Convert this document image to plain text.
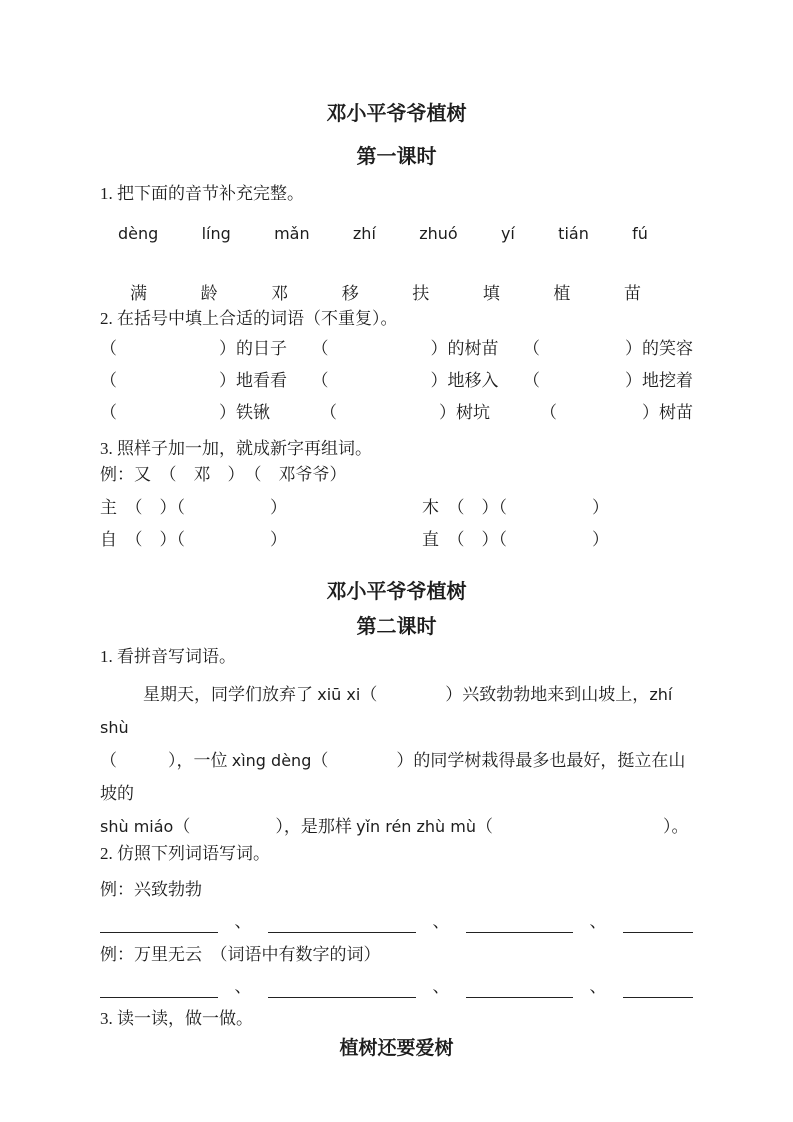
邓小平爷爷植树
第一课时
1. 把下面的音节补充完整。
dèng	líng	mǎn	zhí	zhuó	yí	tián	fú
满	龄	邓	移	扶	填	植	苗
2. 在括号中填上合适的词语（不重复）。
（　　　　　　）的日子 （　　　　　　）的树苗 （　　　　　）的笑容
（　　　　　　）地看看 （　　　　　　）地移入 （　　　　　）地挖着
（　　　　　　）铁锹	（　　　　　　）树坑	（　　　　　）树苗
3. 照样子加一加，就成新字再组词。
例：又　（　邓　）　（　邓爷爷）
主　（　）（　　　　　）	木　（　）（　　　　　）
自　（　）（　　　　　）	直　（　）（　　　　　）
邓小平爷爷植树
第二课时
1. 看拼音写词语。
星期天，同学们放弃了 xiū xi（　　　　）兴致勃勃地来到山坡上，zhí shù
（　　　），一位 xìng dèng（　　　　）的同学树栽得最多也最好，挺立在山坡的
shù miáo（　　　　　），是那样 yǐn rén zhù mù（　　　　　　　　　　）。
2. 仿照下列词语写词。
例：兴致勃勃
、	、	、
例：万里无云　（词语中有数字的词）
、	、	、
3. 读一读，做一做。
植树还要爱树
